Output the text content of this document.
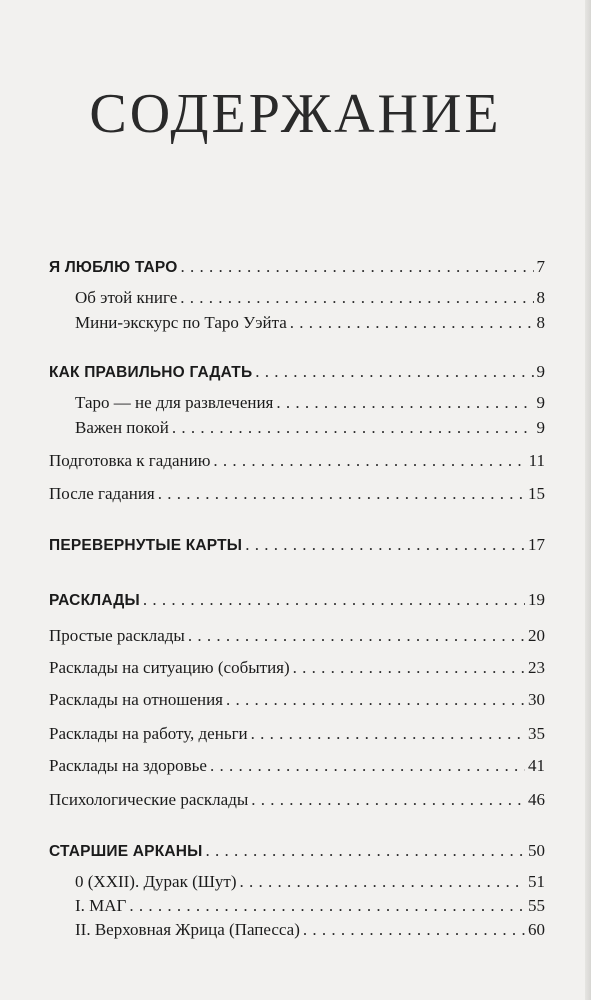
СОДЕРЖАНИЕ
Я ЛЮБЛЮ ТАРО . . .	7
Об этой книге . . .	8
Мини-экскурс по Таро Уэйта . . .	8
КАК ПРАВИЛЬНО ГАДАТЬ . . .	9
Таро — не для развлечения . . .	9
Важен покой . . .	9
Подготовка к гаданию . . .	11
После гадания . . .	15
ПЕРЕВЕРНУТЫЕ КАРТЫ . . .	17
РАСКЛАДЫ . . .	19
Простые расклады . . .	20
Расклады на ситуацию (события) . . .	23
Расклады на отношения . . .	30
Расклады на работу, деньги . . .	35
Расклады на здоровье . . .	41
Психологические расклады . . .	46
СТАРШИЕ АРКАНЫ . . .	50
0 (XXII). Дурак (Шут) . . .	51
I. МАГ . . .	55
II. Верховная Жрица (Папесса) . . .	60
